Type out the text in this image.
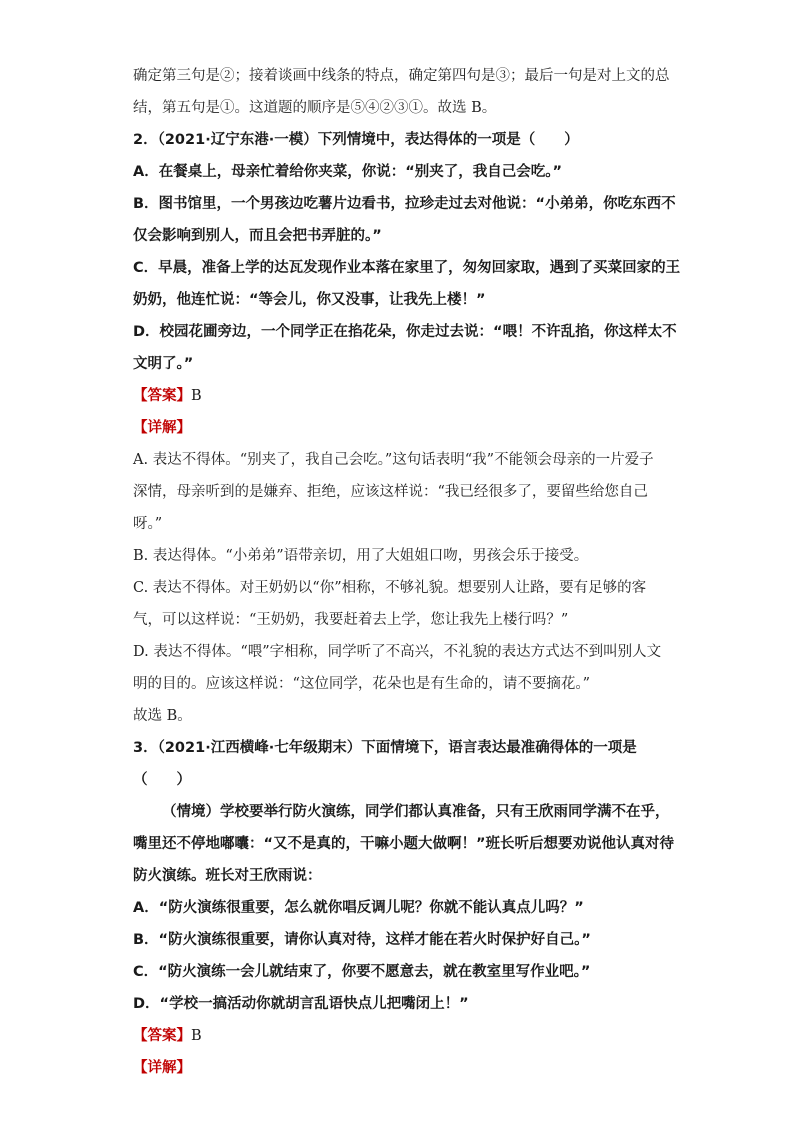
确定第三句是②；接着谈画中线条的特点，确定第四句是③；最后一句是对上文的总
结，第五句是①。这道题的顺序是⑤④②③①。故选 B。
2．（2021·辽宁东港·一模）下列情境中，表达得体的一项是（　　）
A．在餐桌上，母亲忙着给你夹菜，你说：“别夹了，我自己会吃。”
B．图书馆里，一个男孩边吃薯片边看书，拉珍走过去对他说：“小弟弟，你吃东西不
仅会影响到别人，而且会把书弄脏的。”
C．早晨，准备上学的达瓦发现作业本落在家里了，匆匆回家取，遇到了买菜回家的王
奶奶，他连忙说：“等会儿，你又没事，让我先上楼！”
D．校园花圃旁边，一个同学正在掐花朵，你走过去说：“喂！不许乱掐，你这样太不
文明了。”
【答案】B
【详解】
A. 表达不得体。“别夹了，我自己会吃。”这句话表明“我”不能领会母亲的一片爱子
深情，母亲听到的是嫌弃、拒绝，应该这样说：“我已经很多了，要留些给您自己
呀。”
B. 表达得体。“小弟弟”语带亲切，用了大姐姐口吻，男孩会乐于接受。
C. 表达不得体。对王奶奶以“你”相称，不够礼貌。想要别人让路，要有足够的客
气，可以这样说：“王奶奶，我要赶着去上学，您让我先上楼行吗？”
D. 表达不得体。“喂”字相称，同学听了不高兴，不礼貌的表达方式达不到叫别人文
明的目的。应该这样说：“这位同学，花朵也是有生命的，请不要摘花。”
故选 B。
3．（2021·江西横峰·七年级期末）下面情境下，语言表达最准确得体的一项是
（　　）
（情境）学校要举行防火演练，同学们都认真准备，只有王欣雨同学满不在乎，
嘴里还不停地嘟囔：“又不是真的，干嘛小题大做啊！”班长听后想要劝说他认真对待
防火演练。班长对王欣雨说：
A．“防火演练很重要，怎么就你唱反调儿呢？你就不能认真点儿吗？”
B．“防火演练很重要，请你认真对待，这样才能在若火时保护好自己。”
C．“防火演练一会儿就结束了，你要不愿意去，就在教室里写作业吧。”
D．“学校一搞活动你就胡言乱语快点儿把嘴闭上！”
【答案】B
【详解】
